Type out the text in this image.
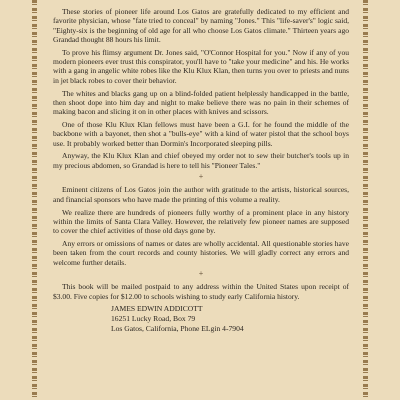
These stories of pioneer life around Los Gatos are gratefully dedicated to my efficient and favorite physician, whose "fate tried to conceal" by naming "Jones." This "life-saver's" logic said, "Eighty-six is the beginning of old age for all who choose Los Gatos climate." Thirteen years ago Grandad thought 88 hours his limit.

To prove his flimsy argument Dr. Jones said, "O'Connor Hospital for you." Now if any of you modern pioneers ever trust this conspirator, you'll have to "take your medicine" and his. He works with a gang in angelic white robes like the Klu Klux Klan, then turns you over to priests and nuns in jet black robes to cover their behavior.

The whites and blacks gang up on a blind-folded patient helplessly handicapped in the battle, then shoot dope into him day and night to make believe there was no pain in their schemes of making bacon and slicing it on in other places with knives and scissors.

One of those Klu Klux Klan fellows must have been a G.I. for he found the middle of the backbone with a bayonet, then shot a "bulls-eye" with a kind of water pistol that the school boys use. It probably worked better than Dormin's Incorporated sleeping pills.

Anyway, the Klu Klux Klan and chief obeyed my order not to sew their butcher's tools up in my precious abdomen, so Grandad is here to tell his "Pioneer Tales."

+

Eminent citizens of Los Gatos join the author with gratitude to the artists, historical sources, and financial sponsors who have made the printing of this volume a reality.

We realize there are hundreds of pioneers fully worthy of a prominent place in any history within the limits of Santa Clara Valley. However, the relatively few pioneer names are supposed to cover the chief activities of those old days gone by.

Any errors or omissions of names or dates are wholly accidental. All questionable stories have been taken from the court records and county histories. We will gladly correct any errors and welcome further details.

+

This book will be mailed postpaid to any address within the United States upon receipt of $3.00. Five copies for $12.00 to schools wishing to study early California history.

JAMES EDWIN ADDICOTT
16251 Lucky Road, Box 79
Los Gatos, California, Phone ELgin 4-7904
